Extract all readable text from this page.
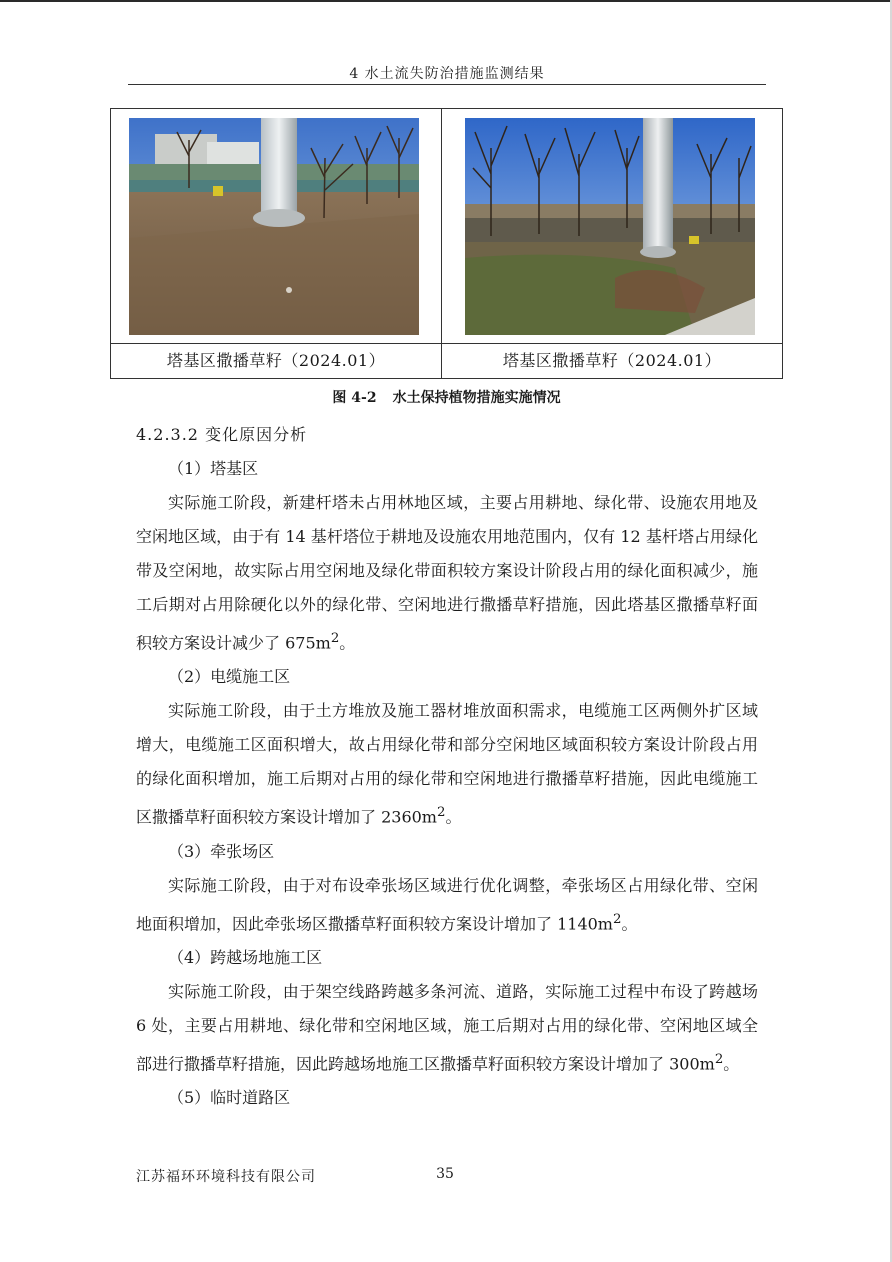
4 水土流失防治措施监测结果
塔基区撒播草籽（2024.01）	塔基区撒播草籽（2024.01）
图 4-2 水土保持植物措施实施情况

4.2.3.2 变化原因分析

（1）塔基区

实际施工阶段，新建杆塔未占用林地区域，主要占用耕地、绿化带、设施农用地及空闲地区域，由于有 14 基杆塔位于耕地及设施农用地范围内，仅有 12 基杆塔占用绿化带及空闲地，故实际占用空闲地及绿化带面积较方案设计阶段占用的绿化面积减少，施工后期对占用除硬化以外的绿化带、空闲地进行撒播草籽措施，因此塔基区撒播草籽面积较方案设计减少了 $675m^2$。

（2）电缆施工区

实际施工阶段，由于土方堆放及施工器材堆放面积需求，电缆施工区两侧外扩区域增大，电缆施工区面积增大，故占用绿化带和部分空闲地区域面积较方案设计阶段占用的绿化面积增加，施工后期对占用的绿化带和空闲地进行撒播草籽措施，因此电缆施工区撒播草籽面积较方案设计增加了 $2360m^2$。

（3）牵张场区

实际施工阶段，由于对布设牵张场区域进行优化调整，牵张场区占用绿化带、空闲地面积增加，因此牵张场区撒播草籽面积较方案设计增加了 $1140m^2$。

（4）跨越场地施工区

实际施工阶段，由于架空线路跨越多条河流、道路，实际施工过程中布设了跨越场 6 处，主要占用耕地、绿化带和空闲地区域，施工后期对占用的绿化带、空闲地区域全部进行撒播草籽措施，因此跨越场地施工区撒播草籽面积较方案设计增加了 $300m^2$。

（5）临时道路区

江苏福环环境科技有限公司	35
